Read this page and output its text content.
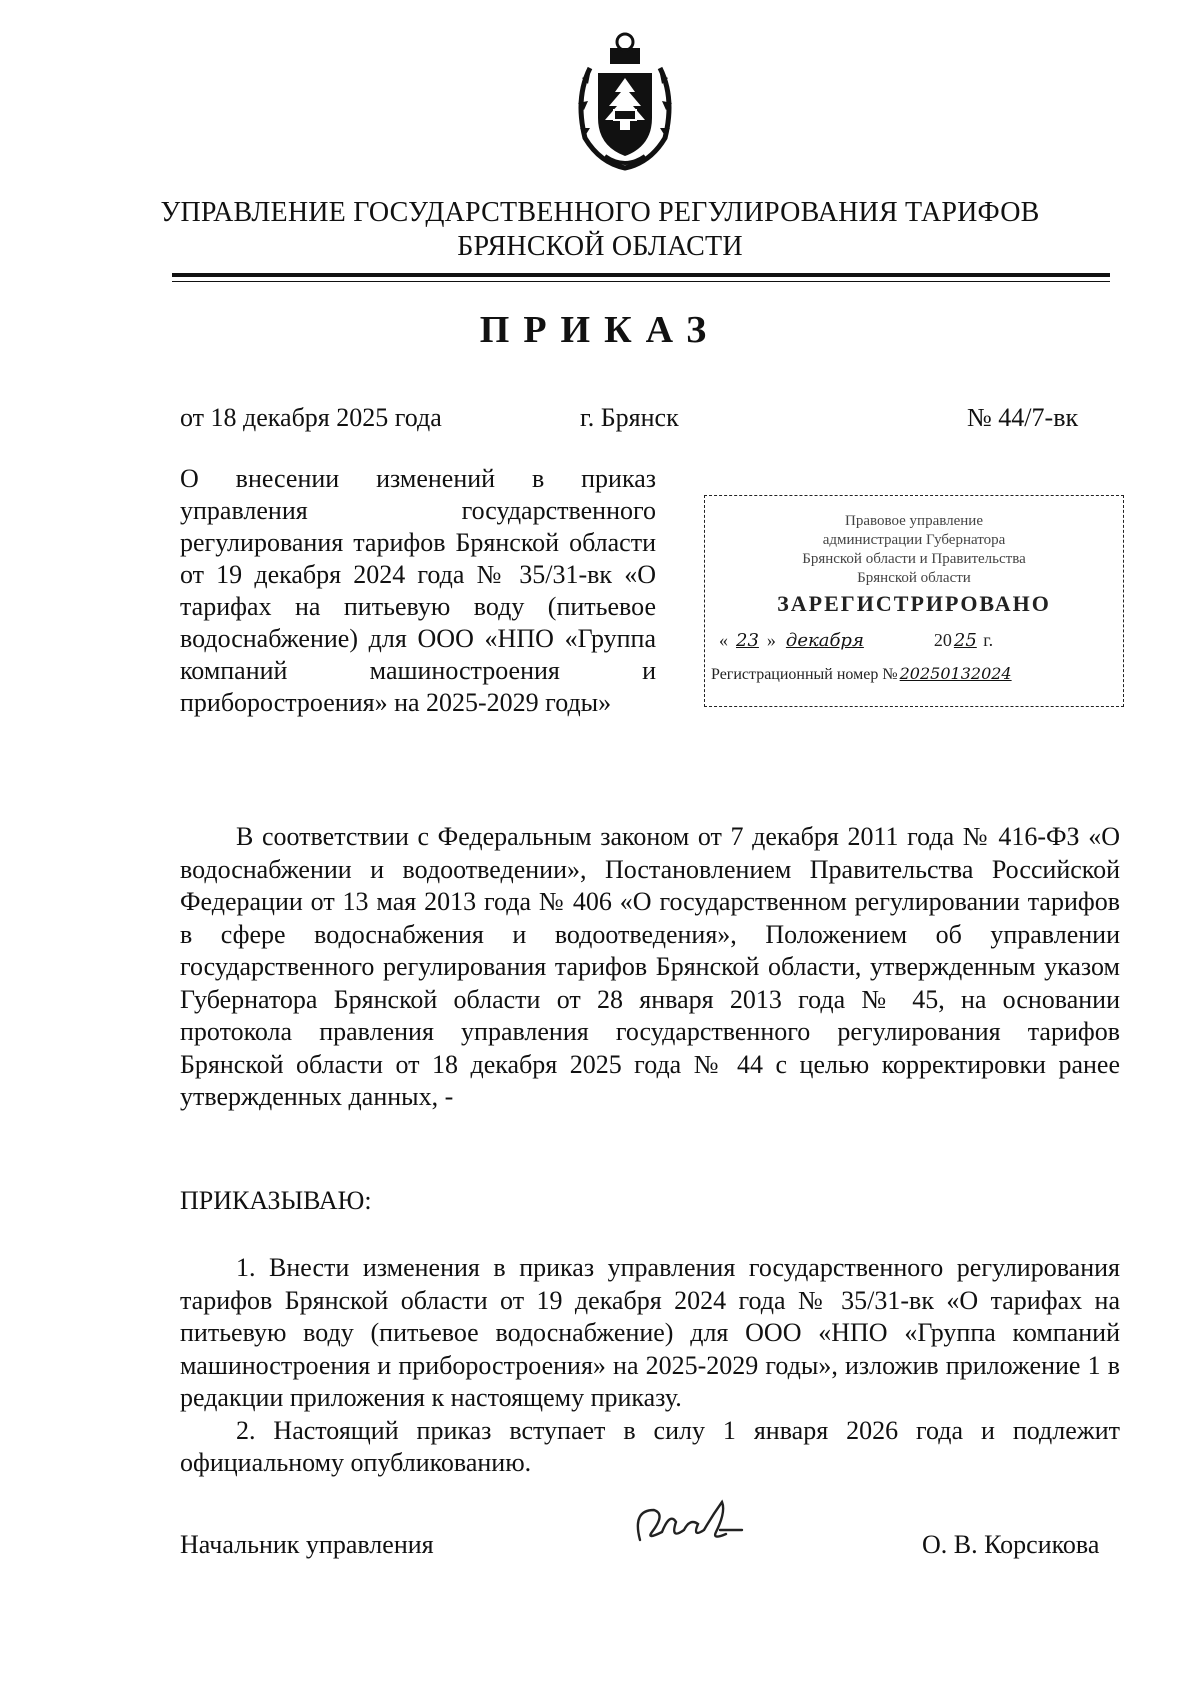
УПРАВЛЕНИЕ ГОСУДАРСТВЕННОГО РЕГУЛИРОВАНИЯ ТАРИФОВ
БРЯНСКОЙ ОБЛАСТИ
ПРИКАЗ
от 18 декабря 2025 года	г. Брянск	№ 44/7-вк

О внесении изменений в приказ управления государственного регулирования тарифов Брянской области от 19 декабря 2024 года № 35/31-вк «О тарифах на питьевую воду (питьевое водоснабжение) для ООО «НПО «Группа компаний машиностроения и приборостроения» на 2025-2029 годы»

Правовое управление
администрации Губернатора
Брянской области и Правительства
Брянской области
ЗАРЕГИСТРИРОВАНО
« 23 » декабря	20 25 г.
Регистрационный номер № 20250132024

В соответствии с Федеральным законом от 7 декабря 2011 года № 416-ФЗ «О водоснабжении и водоотведении», Постановлением Правительства Российской Федерации от 13 мая 2013 года № 406 «О государственном регулировании тарифов в сфере водоснабжения и водоотведения», Положением об управлении государственного регулирования тарифов Брянской области, утвержденным указом Губернатора Брянской области от 28 января 2013 года № 45, на основании протокола правления управления государственного регулирования тарифов Брянской области от 18 декабря 2025 года № 44 с целью корректировки ранее утвержденных данных, -

ПРИКАЗЫВАЮ:

1. Внести изменения в приказ управления государственного регулирования тарифов Брянской области от 19 декабря 2024 года № 35/31-вк «О тарифах на питьевую воду (питьевое водоснабжение) для ООО «НПО «Группа компаний машиностроения и приборостроения» на 2025-2029 годы», изложив приложение 1 в редакции приложения к настоящему приказу.

2. Настоящий приказ вступает в силу 1 января 2026 года и подлежит официальному опубликованию.

Начальник управления	О. В. Корсикова
